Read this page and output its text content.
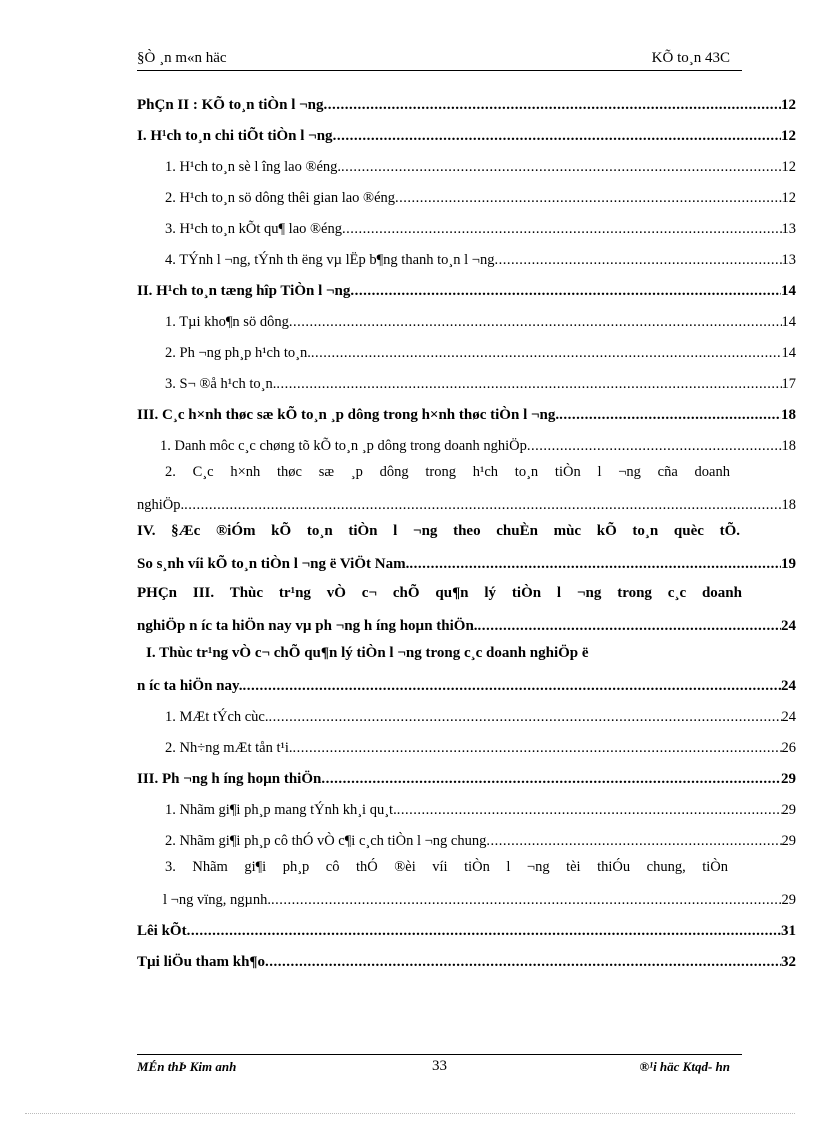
§Ò ¸n m«n häc	KÕ to¸n 43C
PhÇn II : KÕ to¸n tiÒn l ¬ng .....	12
I. H¹ch to¸n chi tiÕt tiÒn l ¬ng .....	12
1. H¹ch to¸n sè l îng lao ®éng. .....	12
2. H¹ch to¸n sö dông thêi gian lao ®éng .....	12
3. H¹ch to¸n kÕt qu¶ lao ®éng .....	13
4. TÝnh l ¬ng, tÝnh th ëng vµ lËp b¶ng thanh to¸n l ¬ng .....	13
II. H¹ch to¸n tæng hîp TiÒn l ¬ng .....	14
1. Tµi kho¶n sö dông .....	14
2. Ph ¬ng ph¸p h¹ch to¸n. .....	14
3. S¬ ®å h¹ch to¸n. .....	17
III. C¸c h×nh thøc sæ kÕ to¸n ¸p dông trong h×nh thøc tiÒn l ¬ng. .....	18
1. Danh môc c¸c chøng tõ kÕ to¸n ¸p dông trong doanh nghiÖp .....	18
2. C¸c h×nh thøc sæ ¸p dông trong h¹ch to¸n tiÒn l ¬ng cña doanh
nghiÖp. .....	18
IV. §Æc ®iÓm kÕ to¸n tiÒn l ¬ng theo chuÈn mùc kÕ to¸n quèc tÕ.
So s¸nh víi kÕ to¸n tiÒn l ¬ng ë ViÖt Nam. .....	19
PHÇn III. Thùc tr¹ng vÒ c¬ chÕ qu¶n lý tiÒn l ¬ng trong c¸c doanh
nghiÖp n íc ta hiÖn nay vµ ph ¬ng h íng hoµn thiÖn. .....	24
I. Thùc tr¹ng vÒ c¬ chÕ qu¶n lý tiÒn l ¬ng trong c¸c doanh nghiÖp ë
n íc ta hiÖn nay. .....	24
1. MÆt tÝch cùc. .....	24
2. Nh÷ng mÆt tån t¹i. .....	26
III. Ph ¬ng h íng hoµn thiÖn .....	29
1. Nhãm gi¶i ph¸p mang tÝnh kh¸i qu¸t. .....	29
2. Nhãm gi¶i ph¸p cô thÓ vÒ c¶i c¸ch tiÒn l ¬ng chung .....	29
3. Nhãm gi¶i ph¸p cô thÓ ®èi víi tiÒn l ¬ng tèi thiÓu chung, tiÒn
l ¬ng vïng, ngµnh. .....	29
Lêi kÕt .....	31
Tµi liÖu tham kh¶o .....	32
MÉn thÞ Kim anh	33	®¹i häc Ktqd- hn
